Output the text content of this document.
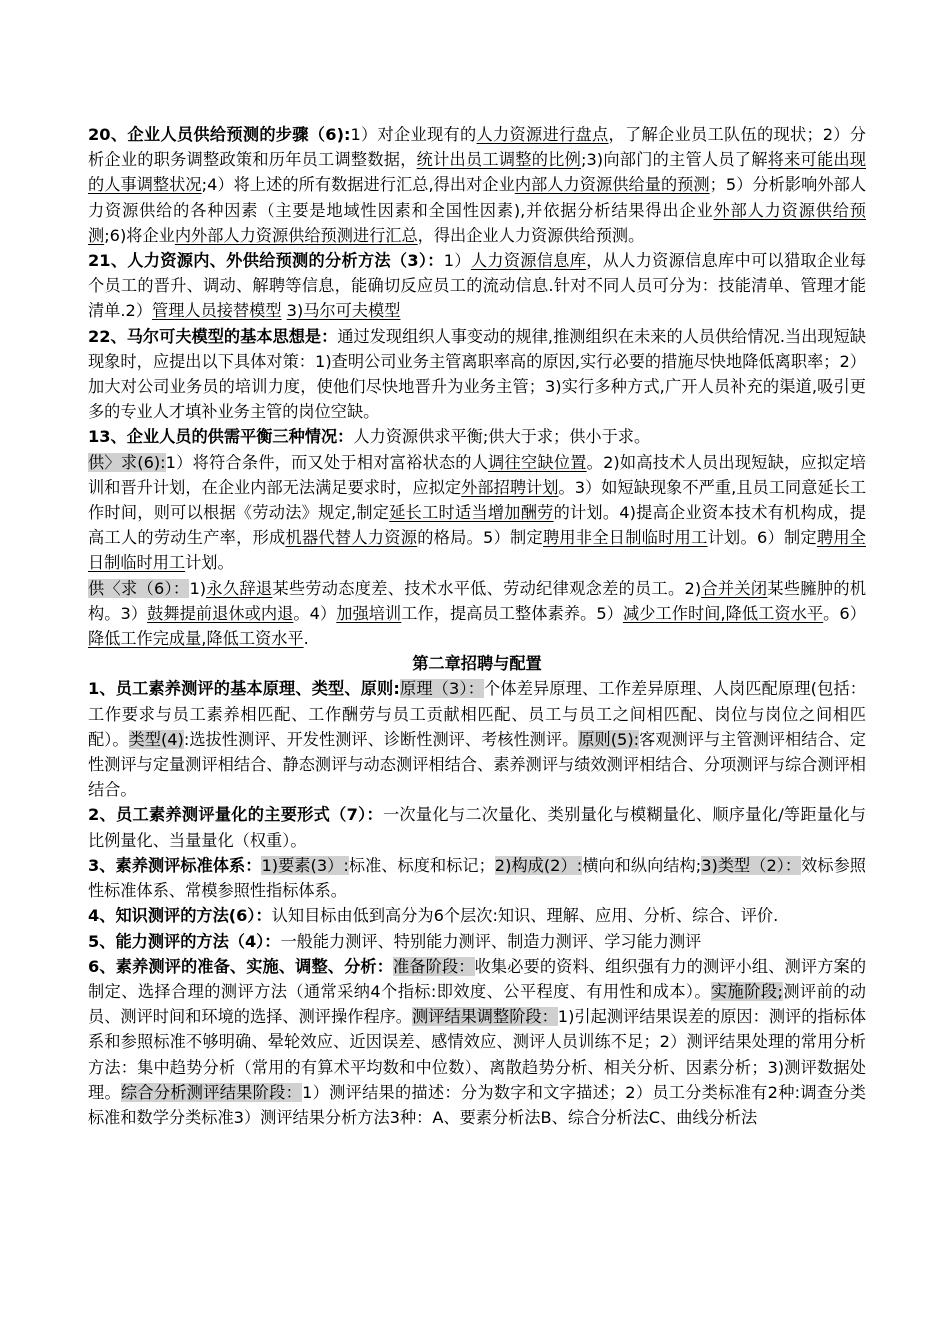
20、企业人员供给预测的步骤（6):1）对企业现有的人力资源进行盘点，了解企业员工队伍的现状；2）分析企业的职务调整政策和历年员工调整数据，统计出员工调整的比例;3)向部门的主管人员了解将来可能出现的人事调整状况;4）将上述的所有数据进行汇总,得出对企业内部人力资源供给量的预测；5）分析影响外部人力资源供给的各种因素（主要是地域性因素和全国性因素),并依据分析结果得出企业外部人力资源供给预测;6)将企业内外部人力资源供给预测进行汇总，得出企业人力资源供给预测。

21、人力资源内、外供给预测的分析方法（3）：1）人力资源信息库，从人力资源信息库中可以猎取企业每个员工的晋升、调动、解聘等信息，能确切反应员工的流动信息.针对不同人员可分为：技能清单、管理才能清单.2）管理人员接替模型 3)马尔可夫模型

22、马尔可夫模型的基本思想是：通过发现组织人事变动的规律,推测组织在未来的人员供给情况.当出现短缺现象时，应提出以下具体对策：1)查明公司业务主管离职率高的原因,实行必要的措施尽快地降低离职率；2）加大对公司业务员的培训力度，使他们尽快地晋升为业务主管；3)实行多种方式,广开人员补充的渠道,吸引更多的专业人才填补业务主管的岗位空缺。

13、企业人员的供需平衡三种情况：人力资源供求平衡;供大于求；供小于求。

供〉求(6):1）将符合条件，而又处于相对富裕状态的人调往空缺位置。2)如高技术人员出现短缺，应拟定培训和晋升计划，在企业内部无法满足要求时，应拟定外部招聘计划。3）如短缺现象不严重,且员工同意延长工作时间，则可以根据《劳动法》规定,制定延长工时适当增加酬劳的计划。4)提高企业资本技术有机构成，提高工人的劳动生产率，形成机器代替人力资源的格局。5）制定聘用非全日制临时用工计划。6）制定聘用全日制临时用工计划。

供〈求（6）：1)永久辞退某些劳动态度差、技术水平低、劳动纪律观念差的员工。2)合并关闭某些臃肿的机构。3）鼓舞提前退休或内退。4）加强培训工作，提高员工整体素养。5）减少工作时间,降低工资水平。6）降低工作完成量,降低工资水平.

第二章招聘与配置

1、员工素养测评的基本原理、类型、原则:原理（3）：个体差异原理、工作差异原理、人岗匹配原理(包括：工作要求与员工素养相匹配、工作酬劳与员工贡献相匹配、员工与员工之间相匹配、岗位与岗位之间相匹配）。类型(4):选拔性测评、开发性测评、诊断性测评、考核性测评。原则(5):客观测评与主管测评相结合、定性测评与定量测评相结合、静态测评与动态测评相结合、素养测评与绩效测评相结合、分项测评与综合测评相结合。

2、员工素养测评量化的主要形式（7）：一次量化与二次量化、类别量化与模糊量化、顺序量化/等距量化与比例量化、当量量化（权重）。

3、素养测评标准体系：1)要素(3）:标准、标度和标记；2)构成(2）:横向和纵向结构;3)类型（2）：效标参照性标准体系、常模参照性指标体系。

4、知识测评的方法(6）：认知目标由低到高分为6个层次:知识、理解、应用、分析、综合、评价.

5、能力测评的方法（4）：一般能力测评、特别能力测评、制造力测评、学习能力测评

6、素养测评的准备、实施、调整、分析：准备阶段：收集必要的资料、组织强有力的测评小组、测评方案的制定、选择合理的测评方法（通常采纳4个指标:即效度、公平程度、有用性和成本）。实施阶段;测评前的动员、测评时间和环境的选择、测评操作程序。测评结果调整阶段：1)引起测评结果误差的原因：测评的指标体系和参照标准不够明确、晕轮效应、近因误差、感情效应、测评人员训练不足；2）测评结果处理的常用分析方法：集中趋势分析（常用的有算术平均数和中位数）、离散趋势分析、相关分析、因素分析；3)测评数据处理。综合分析测评结果阶段：1）测评结果的描述：分为数字和文字描述；2）员工分类标准有2种:调查分类标准和数学分类标准3）测评结果分析方法3种：A、要素分析法B、综合分析法C、曲线分析法
